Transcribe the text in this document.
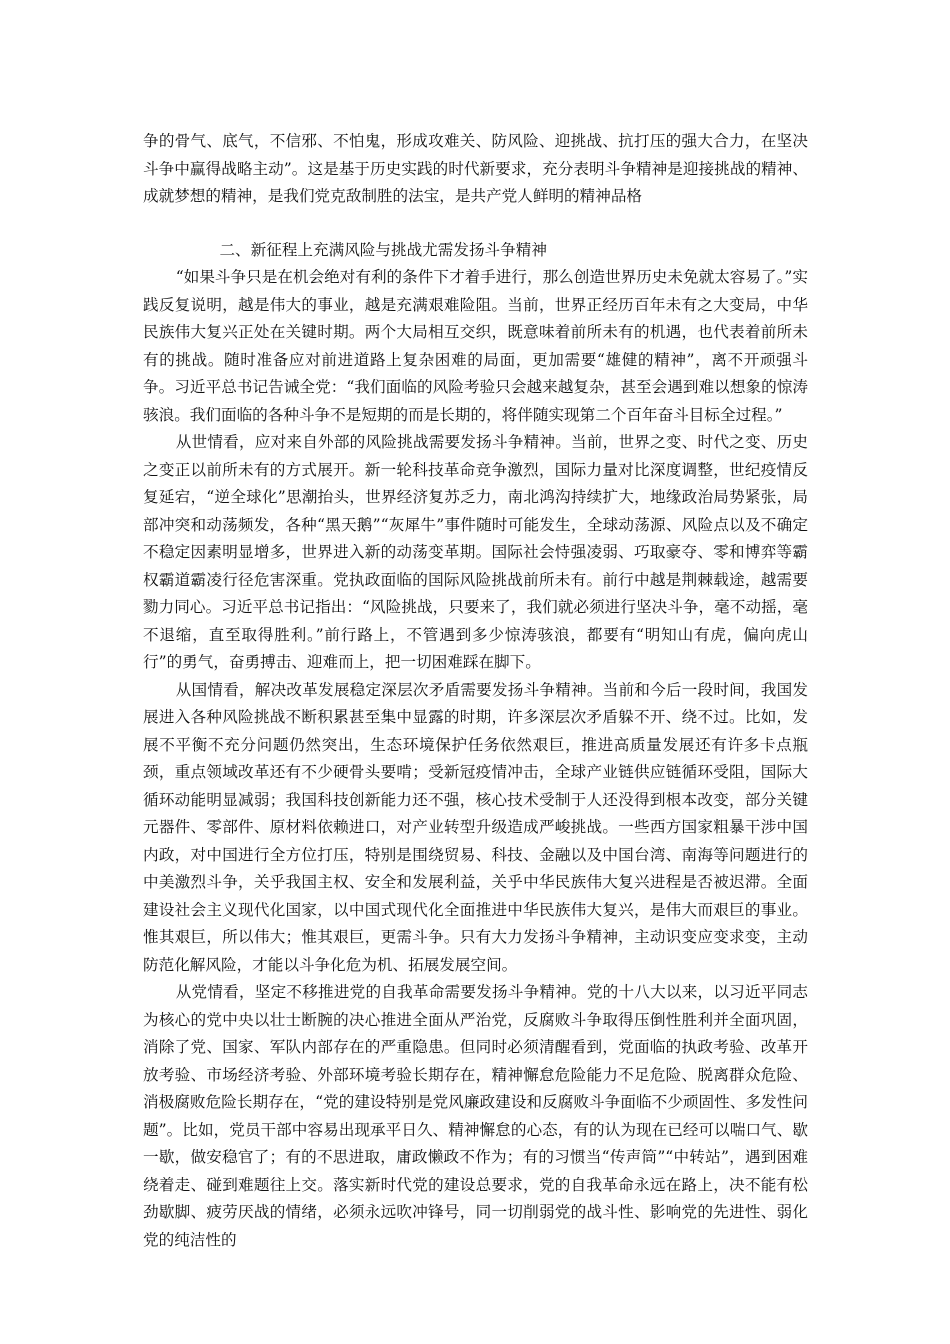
争的骨气、底气，不信邪、不怕鬼，形成攻难关、防风险、迎挑战、抗打压的强大合力，在坚决斗争中赢得战略主动”。这是基于历史实践的时代新要求，充分表明斗争精神是迎接挑战的精神、成就梦想的精神，是我们党克敌制胜的法宝，是共产党人鲜明的精神品格

二、新征程上充满风险与挑战尤需发扬斗争精神

“如果斗争只是在机会绝对有利的条件下才着手进行，那么创造世界历史未免就太容易了。”实践反复说明，越是伟大的事业，越是充满艰难险阻。当前，世界正经历百年未有之大变局，中华民族伟大复兴正处在关键时期。两个大局相互交织，既意味着前所未有的机遇，也代表着前所未有的挑战。随时准备应对前进道路上复杂困难的局面，更加需要“雄健的精神”，离不开顽强斗争。习近平总书记告诫全党：“我们面临的风险考验只会越来越复杂，甚至会遇到难以想象的惊涛骇浪。我们面临的各种斗争不是短期的而是长期的，将伴随实现第二个百年奋斗目标全过程。”

从世情看，应对来自外部的风险挑战需要发扬斗争精神。当前，世界之变、时代之变、历史之变正以前所未有的方式展开。新一轮科技革命竞争激烈，国际力量对比深度调整，世纪疫情反复延宕，“逆全球化”思潮抬头，世界经济复苏乏力，南北鸿沟持续扩大，地缘政治局势紧张，局部冲突和动荡频发，各种“黑天鹅”“灰犀牛”事件随时可能发生，全球动荡源、风险点以及不确定不稳定因素明显增多，世界进入新的动荡变革期。国际社会恃强凌弱、巧取豪夺、零和博弈等霸权霸道霸凌行径危害深重。党执政面临的国际风险挑战前所未有。前行中越是荆棘载途，越需要勠力同心。习近平总书记指出：“风险挑战，只要来了，我们就必须进行坚决斗争，毫不动摇，毫不退缩，直至取得胜利。”前行路上，不管遇到多少惊涛骇浪，都要有“明知山有虎，偏向虎山行”的勇气，奋勇搏击、迎难而上，把一切困难踩在脚下。

从国情看，解决改革发展稳定深层次矛盾需要发扬斗争精神。当前和今后一段时间，我国发展进入各种风险挑战不断积累甚至集中显露的时期，许多深层次矛盾躲不开、绕不过。比如，发展不平衡不充分问题仍然突出，生态环境保护任务依然艰巨，推进高质量发展还有许多卡点瓶颈，重点领域改革还有不少硬骨头要啃；受新冠疫情冲击，全球产业链供应链循环受阻，国际大循环动能明显减弱；我国科技创新能力还不强，核心技术受制于人还没得到根本改变，部分关键元器件、零部件、原材料依赖进口，对产业转型升级造成严峻挑战。一些西方国家粗暴干涉中国内政，对中国进行全方位打压，特别是围绕贸易、科技、金融以及中国台湾、南海等问题进行的中美激烈斗争，关乎我国主权、安全和发展利益，关乎中华民族伟大复兴进程是否被迟滞。全面建设社会主义现代化国家，以中国式现代化全面推进中华民族伟大复兴，是伟大而艰巨的事业。惟其艰巨，所以伟大；惟其艰巨，更需斗争。只有大力发扬斗争精神，主动识变应变求变，主动防范化解风险，才能以斗争化危为机、拓展发展空间。

从党情看，坚定不移推进党的自我革命需要发扬斗争精神。党的十八大以来，以习近平同志为核心的党中央以壮士断腕的决心推进全面从严治党，反腐败斗争取得压倒性胜利并全面巩固，消除了党、国家、军队内部存在的严重隐患。但同时必须清醒看到，党面临的执政考验、改革开放考验、市场经济考验、外部环境考验长期存在，精神懈怠危险能力不足危险、脱离群众危险、消极腐败危险长期存在，“党的建设特别是党风廉政建设和反腐败斗争面临不少顽固性、多发性问题”。比如，党员干部中容易出现承平日久、精神懈怠的心态，有的认为现在已经可以喘口气、歇一歇，做安稳官了；有的不思进取，庸政懒政不作为；有的习惯当“传声筒”“中转站”，遇到困难绕着走、碰到难题往上交。落实新时代党的建设总要求，党的自我革命永远在路上，决不能有松劲歇脚、疲劳厌战的情绪，必须永远吹冲锋号，同一切削弱党的战斗性、影响党的先进性、弱化党的纯洁性的
